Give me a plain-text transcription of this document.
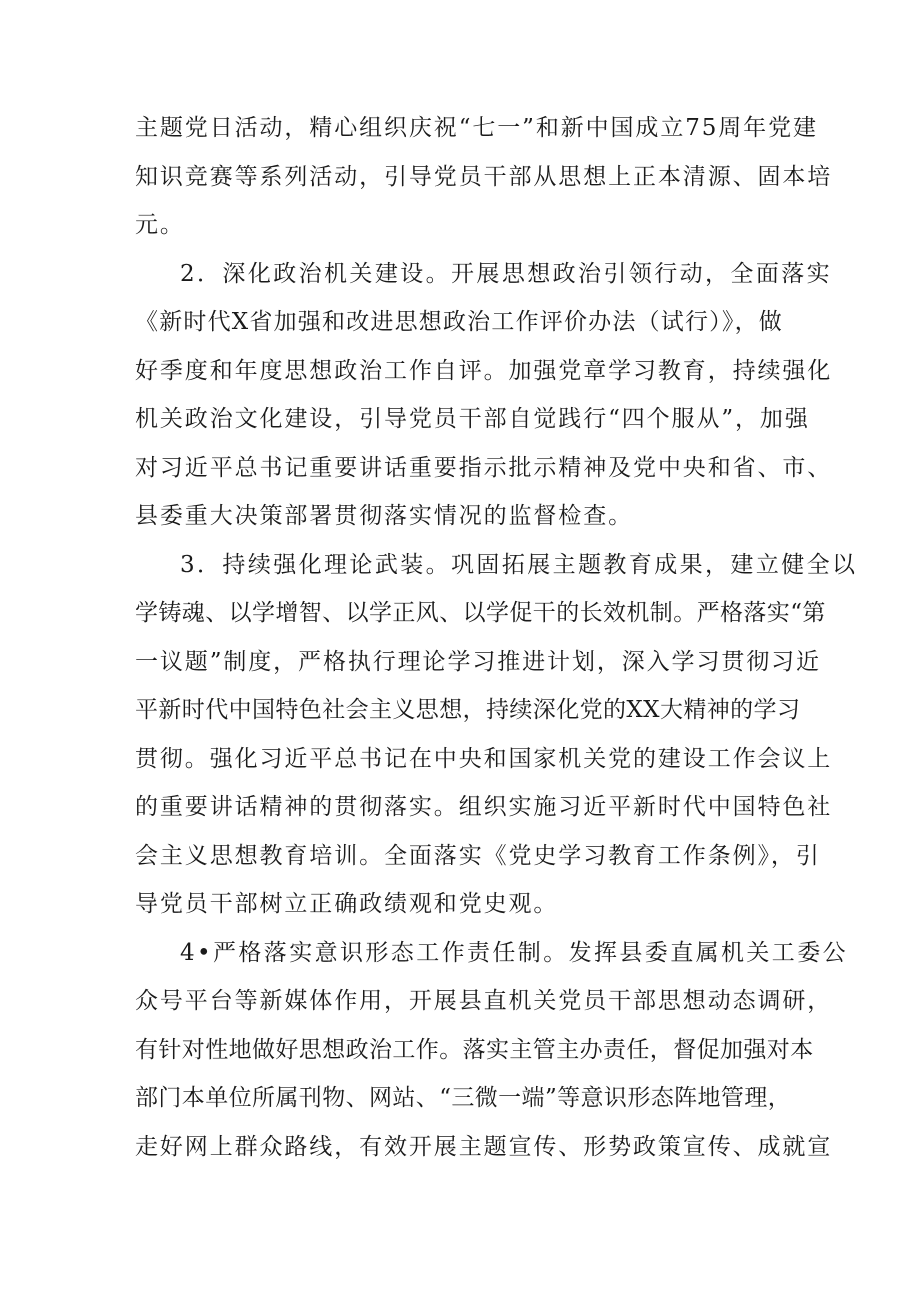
主题党日活动，精心组织庆祝“七一”和新中国成立75周年党建
知识竞赛等系列活动，引导党员干部从思想上正本清源、固本培
元。
2．深化政治机关建设。开展思想政治引领行动，全面落实
《新时代X省加强和改进思想政治工作评价办法（试行）》，做
好季度和年度思想政治工作自评。加强党章学习教育，持续强化
机关政治文化建设，引导党员干部自觉践行“四个服从”，加强
对习近平总书记重要讲话重要指示批示精神及党中央和省、市、
县委重大决策部署贯彻落实情况的监督检查。
3．持续强化理论武装。巩固拓展主题教育成果，建立健全以
学铸魂、以学增智、以学正风、以学促干的长效机制。严格落实“第
一议题”制度，严格执行理论学习推进计划，深入学习贯彻习近
平新时代中国特色社会主义思想，持续深化党的XX大精神的学习
贯彻。强化习近平总书记在中央和国家机关党的建设工作会议上
的重要讲话精神的贯彻落实。组织实施习近平新时代中国特色社
会主义思想教育培训。全面落实《党史学习教育工作条例》，引
导党员干部树立正确政绩观和党史观。
4•严格落实意识形态工作责任制。发挥县委直属机关工委公
众号平台等新媒体作用，开展县直机关党员干部思想动态调研，
有针对性地做好思想政治工作。落实主管主办责任，督促加强对本
部门本单位所属刊物、网站、“三微一端”等意识形态阵地管理，
走好网上群众路线，有效开展主题宣传、形势政策宣传、成就宣
